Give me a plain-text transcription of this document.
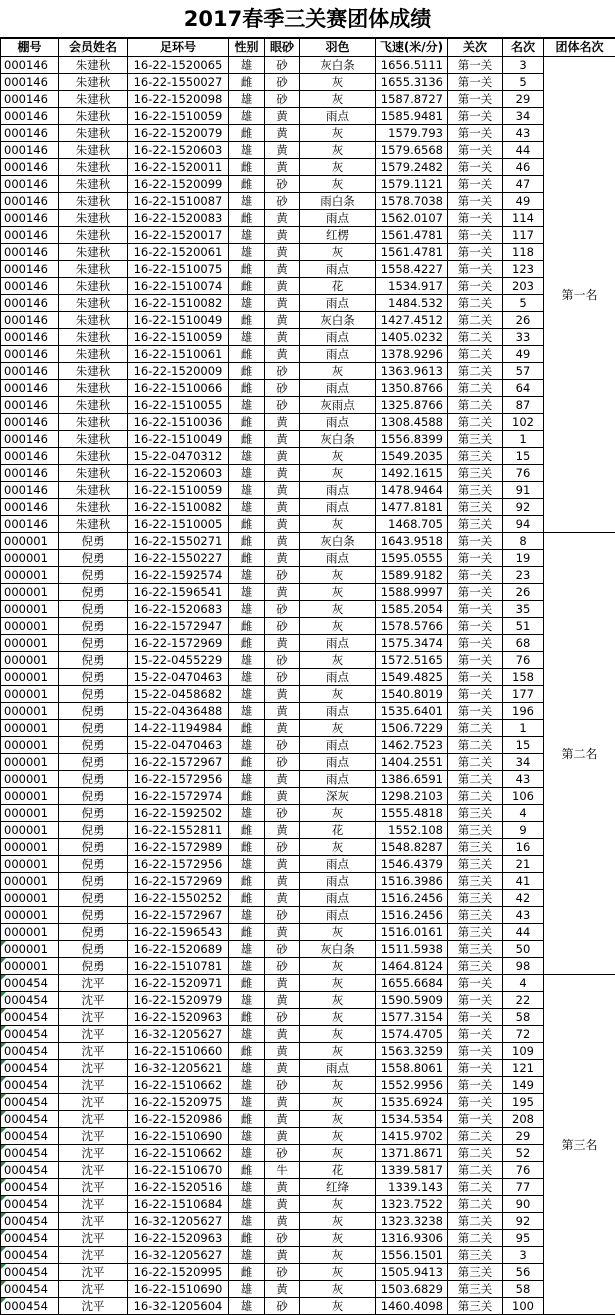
2017春季三关赛团体成绩
棚号	会员姓名	足环号	性别	眼砂	羽色	飞速(米/分)	关次	名次	团体名次
000146	朱建秋	16-22-1520065	雄	砂	灰白条	1656.5111	第一关	3	第一名
000146	朱建秋	16-22-1550027	雌	砂	灰	1655.3136	第一关	5	
000146	朱建秋	16-22-1520098	雄	砂	灰	1587.8727	第一关	29	
000146	朱建秋	16-22-1510059	雄	黄	雨点	1585.9481	第一关	34	
000146	朱建秋	16-22-1520079	雌	黄	灰	1579.793	第一关	43	
000146	朱建秋	16-22-1520603	雄	黄	灰	1579.6568	第一关	44	
000146	朱建秋	16-22-1520011	雌	黄	灰	1579.2482	第一关	46	
000146	朱建秋	16-22-1520099	雌	砂	灰	1579.1121	第一关	47	
000146	朱建秋	16-22-1510087	雄	砂	雨白条	1578.7038	第一关	49	
000146	朱建秋	16-22-1520083	雌	黄	雨点	1562.0107	第一关	114	
000146	朱建秋	16-22-1520017	雄	黄	红楞	1561.4781	第一关	117	
000146	朱建秋	16-22-1520061	雄	黄	灰	1561.4781	第一关	118	
000146	朱建秋	16-22-1510075	雌	黄	雨点	1558.4227	第一关	123	
000146	朱建秋	16-22-1510074	雌	黄	花	1534.917	第一关	203	
000146	朱建秋	16-22-1510082	雄	黄	雨点	1484.532	第二关	5	
000146	朱建秋	16-22-1510049	雌	黄	灰白条	1427.4512	第二关	26	
000146	朱建秋	16-22-1510059	雄	黄	雨点	1405.0232	第二关	33	
000146	朱建秋	16-22-1510061	雌	黄	雨点	1378.9296	第二关	49	
000146	朱建秋	16-22-1520009	雌	砂	灰	1363.9613	第二关	57	
000146	朱建秋	16-22-1510066	雌	砂	雨点	1350.8766	第二关	64	
000146	朱建秋	16-22-1510055	雄	砂	灰雨点	1325.8766	第二关	87	
000146	朱建秋	16-22-1510036	雌	黄	雨点	1308.4588	第二关	102	
000146	朱建秋	16-22-1510049	雌	黄	灰白条	1556.8399	第三关	1	
000146	朱建秋	15-22-0470312	雄	黄	灰	1549.2035	第三关	15	
000146	朱建秋	16-22-1520603	雄	黄	灰	1492.1615	第三关	76	
000146	朱建秋	16-22-1510059	雄	黄	雨点	1478.9464	第三关	91	
000146	朱建秋	16-22-1510082	雄	黄	雨点	1477.8181	第三关	92	
000146	朱建秋	16-22-1510005	雌	黄	灰	1468.705	第三关	94	
000001	倪勇	16-22-1550271	雌	黄	灰白条	1643.9518	第一关	8	第二名
000001	倪勇	16-22-1550227	雌	黄	雨点	1595.0555	第一关	19	
000001	倪勇	16-22-1592574	雄	砂	灰	1589.9182	第一关	23	
000001	倪勇	16-22-1596541	雄	黄	灰	1588.9997	第一关	26	
000001	倪勇	16-22-1520683	雄	砂	灰	1585.2054	第一关	35	
000001	倪勇	16-22-1572947	雌	砂	灰	1578.5766	第一关	51	
000001	倪勇	16-22-1572969	雌	黄	雨点	1575.3474	第一关	68	
000001	倪勇	15-22-0455229	雄	砂	灰	1572.5165	第一关	76	
000001	倪勇	15-22-0470463	雄	砂	雨点	1549.4825	第一关	158	
000001	倪勇	15-22-0458682	雄	黄	灰	1540.8019	第一关	177	
000001	倪勇	15-22-0436488	雄	黄	雨点	1535.6401	第一关	196	
000001	倪勇	14-22-1194984	雌	黄	灰	1506.7229	第二关	1	
000001	倪勇	15-22-0470463	雄	砂	雨点	1462.7523	第二关	15	
000001	倪勇	16-22-1572967	雌	砂	雨点	1404.2551	第二关	34	
000001	倪勇	16-22-1572956	雄	黄	雨点	1386.6591	第二关	43	
000001	倪勇	16-22-1572974	雌	黄	深灰	1298.2103	第二关	106	
000001	倪勇	16-22-1592502	雄	砂	灰	1555.4818	第三关	4	
000001	倪勇	16-22-1552811	雌	黄	花	1552.108	第三关	9	
000001	倪勇	16-22-1572989	雌	砂	灰	1548.8287	第三关	16	
000001	倪勇	16-22-1572956	雄	黄	雨点	1546.4379	第三关	21	
000001	倪勇	16-22-1572969	雌	黄	雨点	1516.3986	第三关	41	
000001	倪勇	16-22-1550252	雌	黄	雨点	1516.2456	第三关	42	
000001	倪勇	16-22-1572967	雄	砂	雨点	1516.2456	第三关	43	
000001	倪勇	16-22-1596543	雌	黄	灰	1516.0161	第三关	44	
000001	倪勇	16-22-1520689	雄	砂	灰白条	1511.5938	第三关	50	
000001	倪勇	16-22-1510781	雄	砂	灰	1464.8124	第三关	98	
000454	沈平	16-22-1520971	雌	黄	灰	1655.6684	第一关	4	第三名
000454	沈平	16-22-1520979	雄	黄	灰	1590.5909	第一关	22	
000454	沈平	16-22-1520963	雌	砂	灰	1577.3154	第一关	58	
000454	沈平	16-32-1205627	雄	黄	灰	1574.4705	第一关	72	
000454	沈平	16-22-1510660	雌	黄	灰	1563.3259	第一关	109	
000454	沈平	16-32-1205621	雄	黄	雨点	1558.8061	第一关	121	
000454	沈平	16-22-1510662	雄	砂	灰	1552.9956	第一关	149	
000454	沈平	16-22-1520975	雄	黄	灰	1535.6924	第一关	195	
000454	沈平	16-22-1520986	雌	黄	灰	1534.5354	第一关	208	
000454	沈平	16-22-1510690	雄	黄	灰	1415.9702	第二关	29	
000454	沈平	16-22-1510662	雄	砂	灰	1371.8671	第二关	52	
000454	沈平	16-22-1510670	雌	牛	花	1339.5817	第二关	76	
000454	沈平	16-22-1520516	雄	黄	红绛	1339.143	第二关	77	
000454	沈平	16-22-1510684	雄	黄	灰	1323.7522	第二关	90	
000454	沈平	16-32-1205627	雄	黄	灰	1323.3238	第二关	92	
000454	沈平	16-22-1520963	雌	砂	灰	1316.9306	第二关	95	
000454	沈平	16-32-1205627	雄	黄	灰	1556.1501	第三关	3	
000454	沈平	16-22-1520995	雌	砂	灰	1505.9413	第三关	56	
000454	沈平	16-22-1510690	雄	黄	灰	1503.6829	第三关	58	
000454	沈平	16-32-1205604	雄	砂	灰	1460.4098	第三关	100	
